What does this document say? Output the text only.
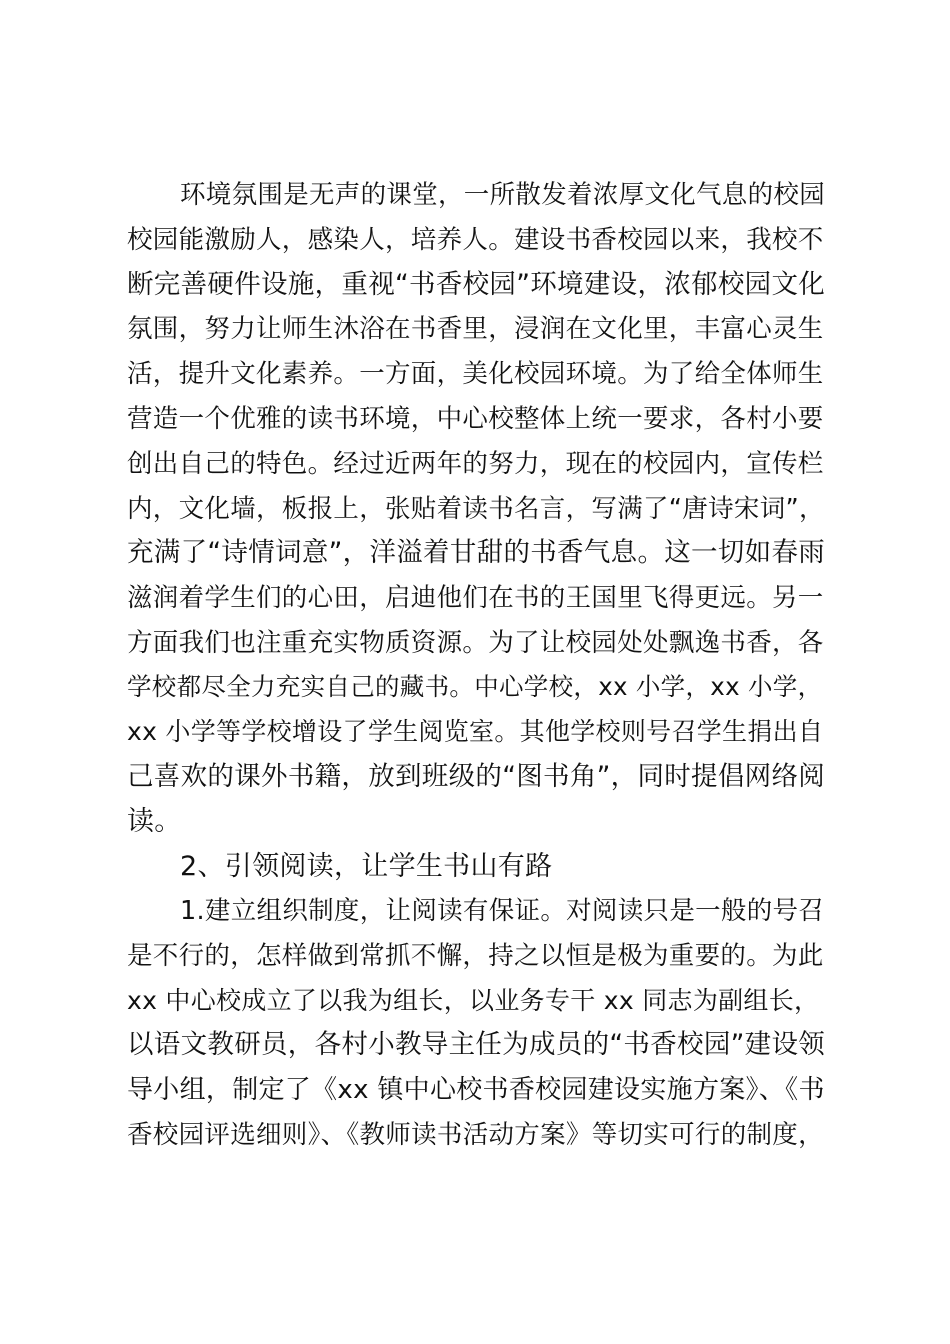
环境氛围是无声的课堂，一所散发着浓厚文化气息的校园
校园能激励人，感染人，培养人。建设书香校园以来，我校不
断完善硬件设施，重视“书香校园”环境建设，浓郁校园文化
氛围，努力让师生沐浴在书香里，浸润在文化里，丰富心灵生
活，提升文化素养。一方面，美化校园环境。为了给全体师生
营造一个优雅的读书环境，中心校整体上统一要求，各村小要
创出自己的特色。经过近两年的努力，现在的校园内，宣传栏
内，文化墙，板报上，张贴着读书名言，写满了“唐诗宋词”，
充满了“诗情词意”，洋溢着甘甜的书香气息。这一切如春雨
滋润着学生们的心田，启迪他们在书的王国里飞得更远。另一
方面我们也注重充实物质资源。为了让校园处处飘逸书香，各
学校都尽全力充实自己的藏书。中心学校，xx 小学，xx 小学，
xx 小学等学校增设了学生阅览室。其他学校则号召学生捐出自
己喜欢的课外书籍，放到班级的“图书角”，同时提倡网络阅
读。
2、引领阅读，让学生书山有路
1.建立组织制度，让阅读有保证。对阅读只是一般的号召
是不行的，怎样做到常抓不懈，持之以恒是极为重要的。为此
xx 中心校成立了以我为组长，以业务专干 xx 同志为副组长，
以语文教研员，各村小教导主任为成员的“书香校园”建设领
导小组，制定了《xx 镇中心校书香校园建设实施方案》、《书
香校园评选细则》、《教师读书活动方案》等切实可行的制度，
